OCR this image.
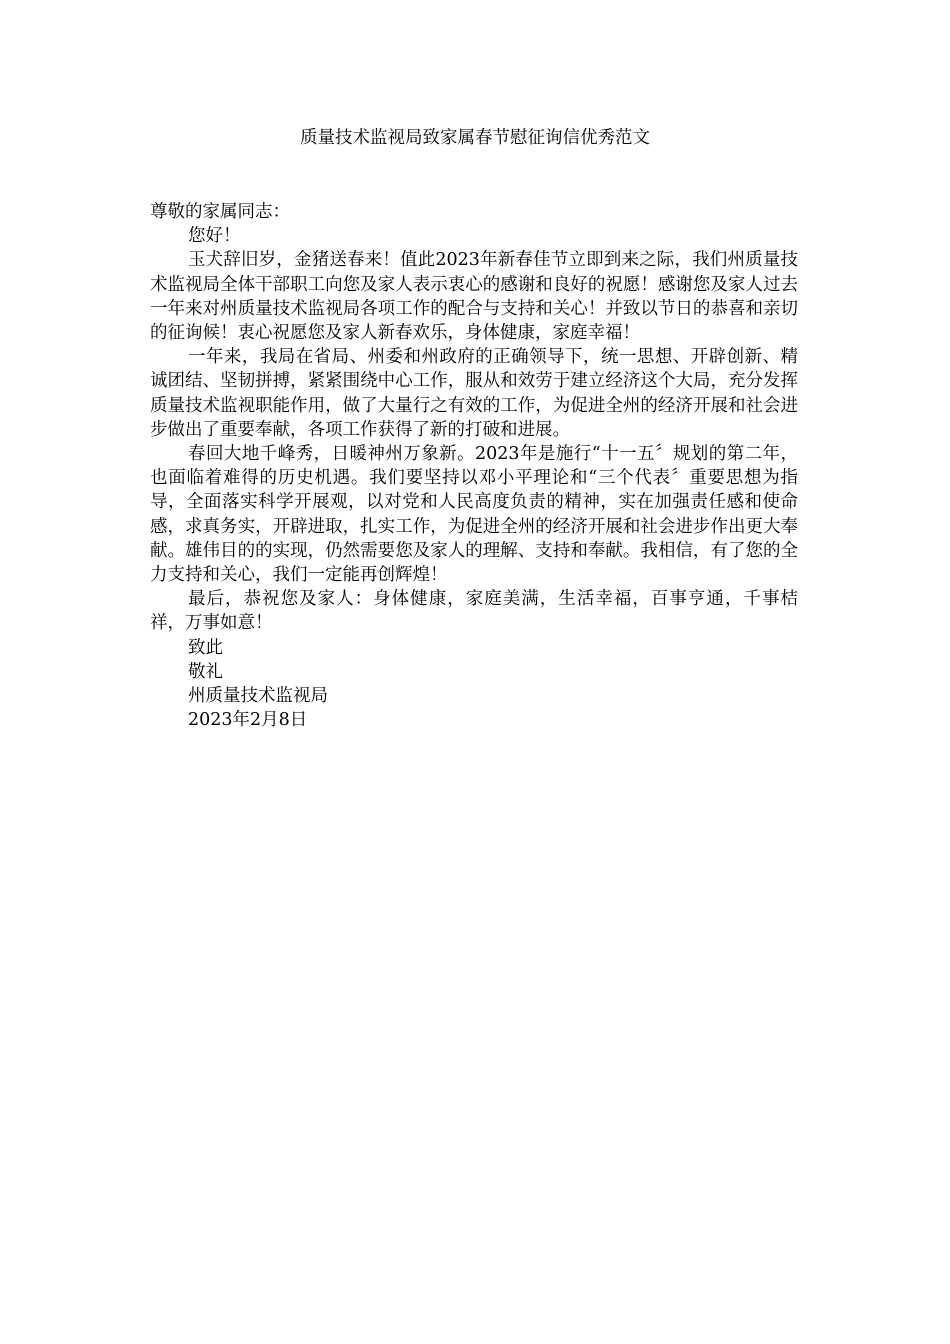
质量技术监视局致家属春节慰征询信优秀范文
尊敬的家属同志：
您好！
玉犬辞旧岁，金猪送春来！值此2023年新春佳节立即到来之际，我们州质量技术监视局全体干部职工向您及家人表示衷心的感谢和良好的祝愿！感谢您及家人过去一年来对州质量技术监视局各项工作的配合与支持和关心！并致以节日的恭喜和亲切的征询候！衷心祝愿您及家人新春欢乐，身体健康，家庭幸福！
一年来，我局在省局、州委和州政府的正确领导下，统一思想、开辟创新、精诚团结、坚韧拼搏，紧紧围绕中心工作，服从和效劳于建立经济这个大局，充分发挥质量技术监视职能作用，做了大量行之有效的工作，为促进全州的经济开展和社会进步做出了重要奉献，各项工作获得了新的打破和进展。
春回大地千峰秀，日暖神州万象新。2023年是施行“十一五〞规划的第二年，也面临着难得的历史机遇。我们要坚持以邓小平理论和“三个代表〞重要思想为指导，全面落实科学开展观，以对党和人民高度负责的精神，实在加强责任感和使命感，求真务实，开辟进取，扎实工作，为促进全州的经济开展和社会进步作出更大奉献。雄伟目的的实现，仍然需要您及家人的理解、支持和奉献。我相信，有了您的全力支持和关心，我们一定能再创辉煌！
最后，恭祝您及家人：身体健康，家庭美满，生活幸福，百事亨通，千事桔祥，万事如意！
致此
敬礼
州质量技术监视局
2023年2月8日
